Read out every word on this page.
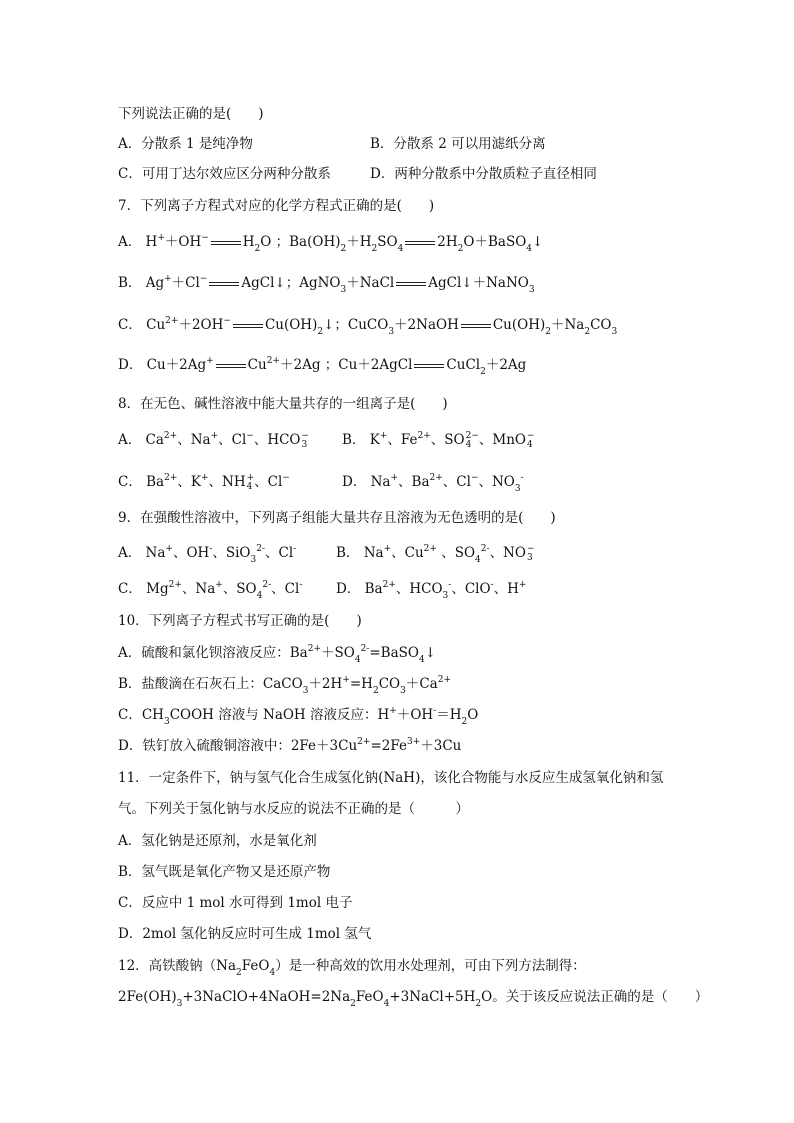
下列说法正确的是(　　)
A．分散系 1 是纯净物	B．分散系 2 可以用滤纸分离
C．可用丁达尔效应区分两种分散系	D．两种分散系中分散质粒子直径相同
7．下列离子方程式对应的化学方程式正确的是(　　)
A． H+＋OH−	$H_2O$ ；$Ba(OH)_2+H_2SO_4$	$2H_2O+BaSO_4↓$
B． Ag+＋Cl−	AgCl↓；AgNO$_3$＋NaCl	AgCl↓＋NaNO$_3$
C． $Cu^{2+}+2OH^-$	$Cu(OH)_2↓$；CuCO$_3$＋2NaOH	$Cu(OH)_2+Na_2CO_3$
D． Cu＋2Ag+	$Cu^{2+}+2Ag$ ；Cu＋2AgCl	CuCl$_2$＋2Ag
8．在无色、碱性溶液中能大量共存的一组离子是(　　)
A． $Ca^{2+}$、Na+、Cl−、HCO −
3	B． K+、$Fe^{2+}$、SO 2−
4 、MnO −
4
C． $Ba^{2+}$、K+、NH +
4 、Cl−	D． Na+、$Ba^{2+}$、Cl−、$NO_3^-$
9．在强酸性溶液中，下列离子组能大量共存且溶液为无色透明的是(　　)
A． Na+、OH-、SiO$_3^{2-}$、Cl-	B． Na+、$Cu^{2+}$ 、$SO_4^{2-}$、NO −
3
C． $Mg^{2+}$、Na+、$SO_4^{2-}$、Cl- D． $Ba^{2+}$、$HCO_3^-$、ClO-、H+
10．下列离子方程式书写正确的是(　　)
A．硫酸和氯化钡溶液反应：$Ba^{2+}+SO_4^{2-}=BaSO_4↓$
B．盐酸滴在石灰石上：$CaCO_3+2H^+=H_2CO_3+Ca^{2+}$
C．$CH_3COOH$ 溶液与 NaOH 溶液反应：$H^++OH^-=H_2O$
D．铁钉放入硫酸铜溶液中：$2Fe+3Cu^{2+}=2Fe^{3+}+3Cu$
11．一定条件下，钠与氢气化合生成氢化钠(NaH)，该化合物能与水反应生成氢氧化钠和氢
气。下列关于氢化钠与水反应的说法不正确的是（　　　）
A．氢化钠是还原剂，水是氧化剂
B．氢气既是氧化产物又是还原产物
C．反应中 1 mol 水可得到 1mol 电子
D．2mol 氢化钠反应时可生成 1mol 氢气
12．高铁酸钠$(Na_2FeO_4)$是一种高效的饮用水处理剂，可由下列方法制得：
$2Fe(OH)_3+3NaClO+4NaOH=2Na_2FeO_4+3NaCl+5H_2O$。关于该反应说法正确的是（　　）
